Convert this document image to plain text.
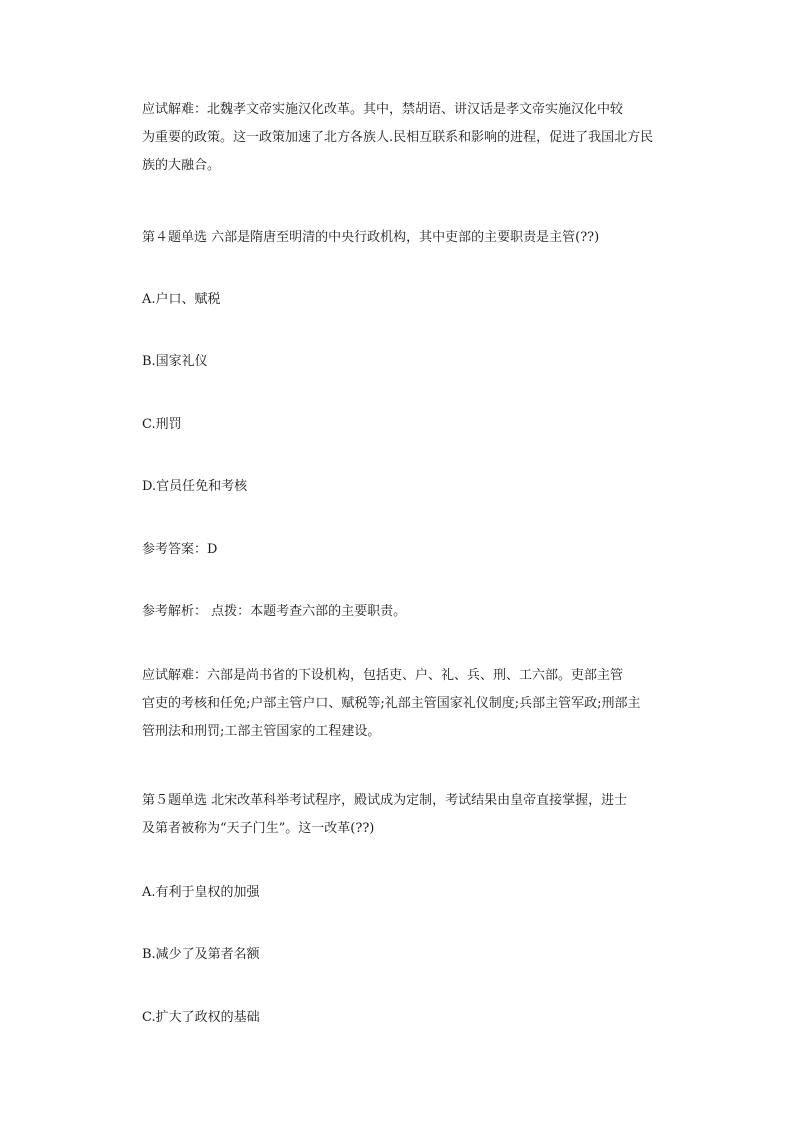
应试解难：北魏孝文帝实施汉化改革。其中，禁胡语、讲汉话是孝文帝实施汉化中较
为重要的政策。这一政策加速了北方各族人.民相互联系和影响的进程，促进了我国北方民
族的大融合。

第４题单选 六部是隋唐至明清的中央行政机构，其中吏部的主要职责是主管(??)

A.户口、赋税

B.国家礼仪

C.刑罚

D.官员任免和考核

参考答案：D

参考解析： 点拨：本题考查六部的主要职责。

应试解难：六部是尚书省的下设机构，包括吏、户、礼、兵、刑、工六部。吏部主管
官吏的考核和任免;户部主管户口、赋税等;礼部主管国家礼仪制度;兵部主管军政;刑部主
管刑法和刑罚;工部主管国家的工程建设。

第５题单选 北宋改革科举考试程序，殿试成为定制，考试结果由皇帝直接掌握，进士
及第者被称为“天子门生”。这一改革(??)

A.有利于皇权的加强

B.减少了及第者名额

C.扩大了政权的基础
